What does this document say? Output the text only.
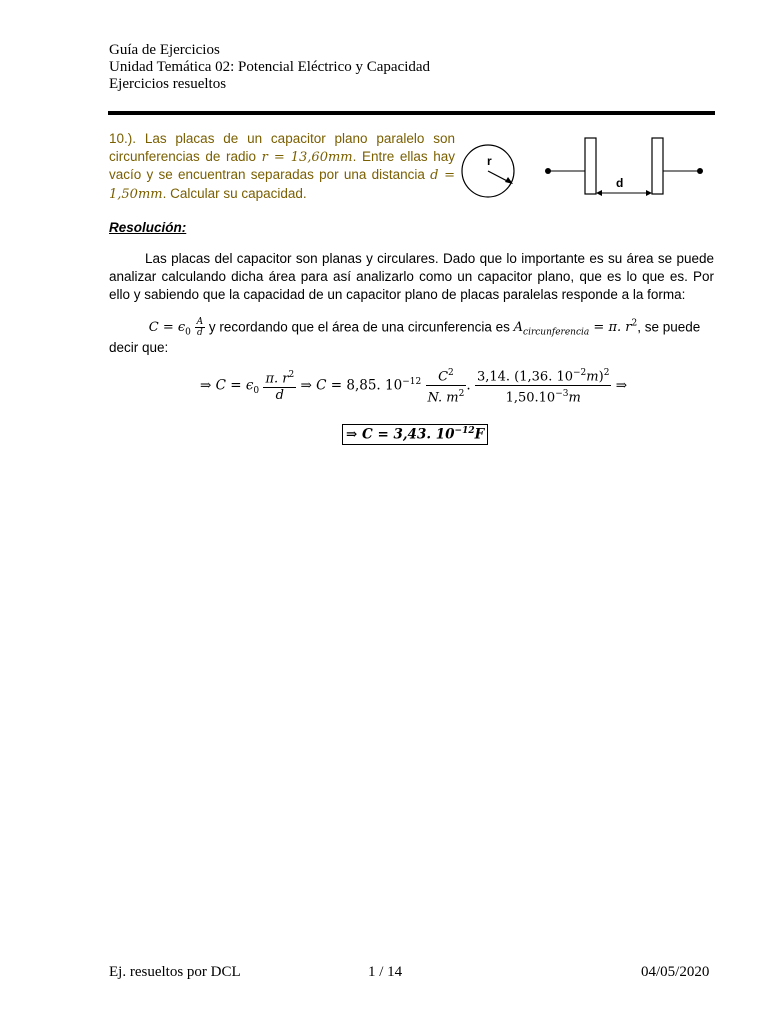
Guía de Ejercicios
Unidad Temática 02: Potencial Eléctrico y Capacidad
Ejercicios resueltos
10.). Las placas de un capacitor plano paralelo son circunferencias de radio r = 13,60mm. Entre ellas hay vacío y se encuentran separadas por una distancia d = 1,50mm. Calcular su capacidad.
r
d
Resolución:
Las placas del capacitor son planas y circulares. Dado que lo importante es su área se puede analizar calculando dicha área para así analizarlo como un capacitor plano, que es lo que es. Por ello y sabiendo que la capacidad de un capacitor plano de placas paralelas responde a la forma:
$C = \epsilon_0 \frac{A}{d}$ y recordando que el área de una circunferencia es $A_{circunferencia} = \pi$. $r^2$, se puede
decir que:
⇒ $C = \epsilon_0 \frac{\pi. r^2}{d}$ ⇒ C = 8,85. $10^{-12} \frac{C^2}{N. m^2}$ . $\frac{3,14. (1,36. 10^{-2}m)^2}{1,50.10^{-3}m}$ ⇒
⇒ C = 3,43. $10^{-12}F$
Ej. resueltos por DCL	1 / 14	04/05/2020
